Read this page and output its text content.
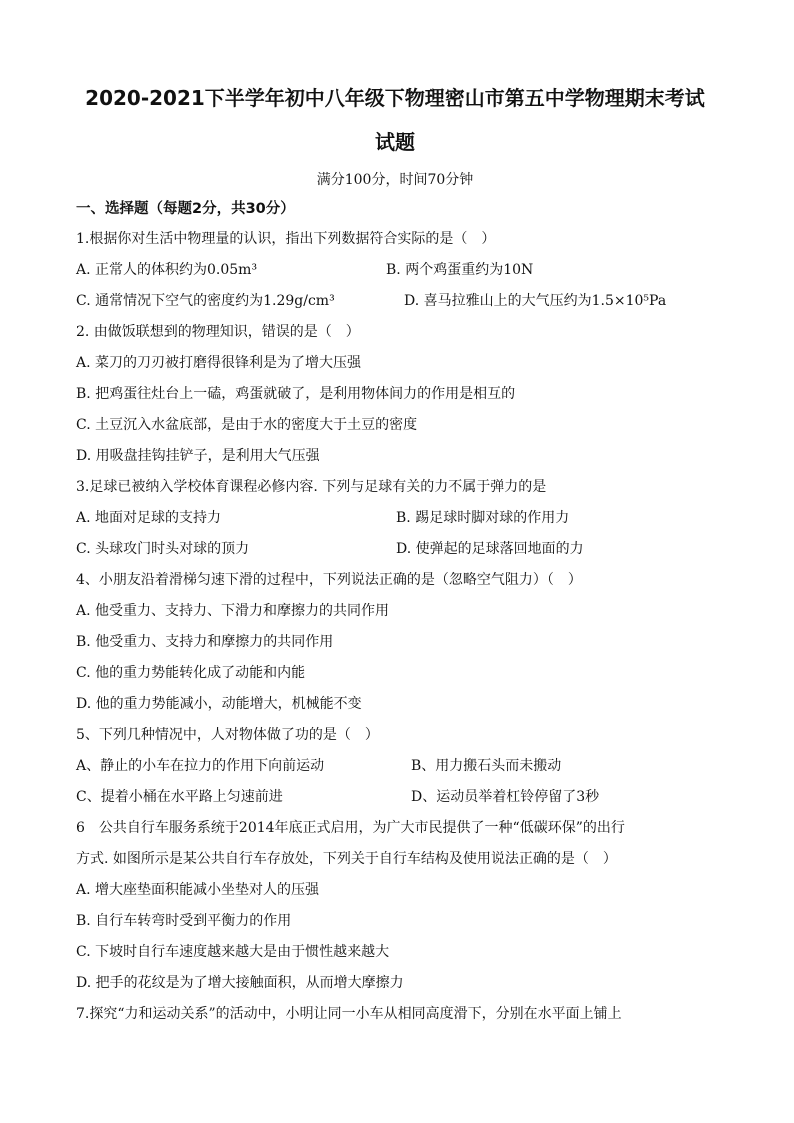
2020-2021下半学年初中八年级下物理密山市第五中学物理期末考试
试题
满分100分，时间70分钟
一、选择题（每题2分，共30分）
1.根据你对生活中物理量的认识，指出下列数据符合实际的是（　）
A. 正常人的体积约为0.05m³	B. 两个鸡蛋重约为10N
C. 通常情况下空气的密度约为1.29g/cm³	D. 喜马拉雅山上的大气压约为1.5×10⁵Pa
2. 由做饭联想到的物理知识，错误的是（　）
A. 菜刀的刀刃被打磨得很锋利是为了增大压强
B. 把鸡蛋往灶台上一磕，鸡蛋就破了，是利用物体间力的作用是相互的
C. 土豆沉入水盆底部，是由于水的密度大于土豆的密度
D. 用吸盘挂钩挂铲子，是利用大气压强
3.足球已被纳入学校体育课程必修内容. 下列与足球有关的力不属于弹力的是
A. 地面对足球的支持力	B. 踢足球时脚对球的作用力
C. 头球攻门时头对球的顶力	D. 使弹起的足球落回地面的力
4、小朋友沿着滑梯匀速下滑的过程中，下列说法正确的是（忽略空气阻力）（　）
A. 他受重力、支持力、下滑力和摩擦力的共同作用
B. 他受重力、支持力和摩擦力的共同作用
C. 他的重力势能转化成了动能和内能
D. 他的重力势能减小，动能增大，机械能不变
5、下列几种情况中，人对物体做了功的是（　）
A、静止的小车在拉力的作用下向前运动	B、用力搬石头而未搬动
C、提着小桶在水平路上匀速前进	D、运动员举着杠铃停留了3秒
6　公共自行车服务系统于2014年底正式启用，为广大市民提供了一种“低碳环保”的出行
方式. 如图所示是某公共自行车存放处，下列关于自行车结构及使用说法正确的是（　）
A. 增大座垫面积能减小坐垫对人的压强
B. 自行车转弯时受到平衡力的作用
C. 下坡时自行车速度越来越大是由于惯性越来越大
D. 把手的花纹是为了增大接触面积，从而增大摩擦力
7.探究“力和运动关系”的活动中，小明让同一小车从相同高度滑下，分别在水平面上铺上
